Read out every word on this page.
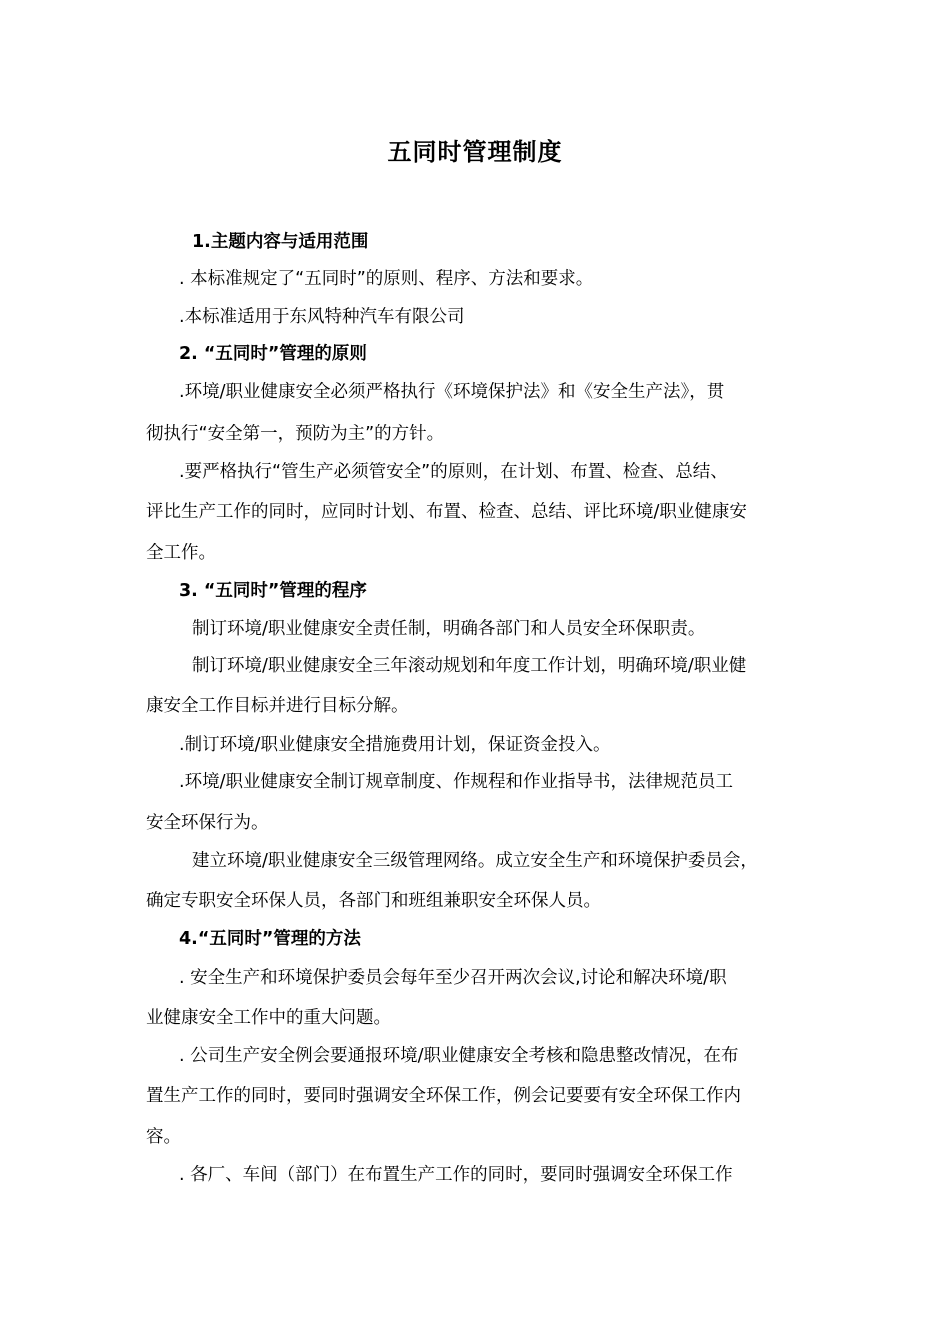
五同时管理制度
1.主题内容与适用范围
. 本标准规定了“五同时”的原则、程序、方法和要求。
.本标准适用于东风特种汽车有限公司
2. “五同时”管理的原则
.环境/职业健康安全必须严格执行《环境保护法》和《安全生产法》，贯
彻执行“安全第一，预防为主”的方针。
.要严格执行“管生产必须管安全”的原则，在计划、布置、检查、总结、
评比生产工作的同时，应同时计划、布置、检查、总结、评比环境/职业健康安
全工作。
3. “五同时”管理的程序
制订环境/职业健康安全责任制，明确各部门和人员安全环保职责。
制订环境/职业健康安全三年滚动规划和年度工作计划，明确环境/职业健
康安全工作目标并进行目标分解。
.制订环境/职业健康安全措施费用计划，保证资金投入。
.环境/职业健康安全制订规章制度、作规程和作业指导书，法律规范员工
安全环保行为。
建立环境/职业健康安全三级管理网络。成立安全生产和环境保护委员会，
确定专职安全环保人员，各部门和班组兼职安全环保人员。
4.“五同时”管理的方法
. 安全生产和环境保护委员会每年至少召开两次会议,讨论和解决环境/职
业健康安全工作中的重大问题。
. 公司生产安全例会要通报环境/职业健康安全考核和隐患整改情况，在布
置生产工作的同时，要同时强调安全环保工作，例会记要要有安全环保工作内
容。
. 各厂、车间（部门）在布置生产工作的同时，要同时强调安全环保工作
